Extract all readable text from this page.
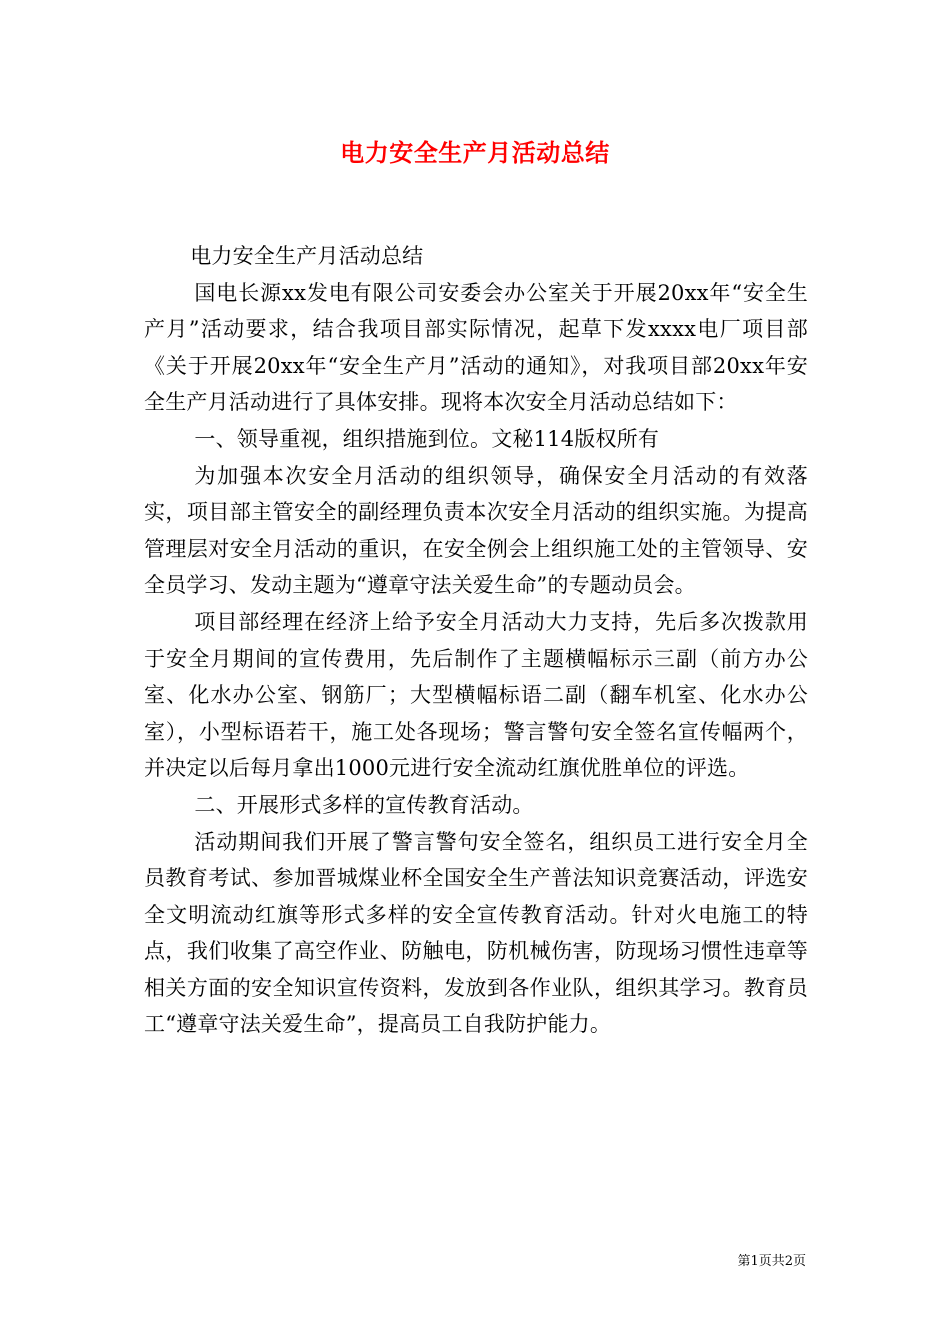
电力安全生产月活动总结

电力安全生产月活动总结

国电长源xx发电有限公司安委会办公室关于开展20xx年“安全生产月”活动要求，结合我项目部实际情况，起草下发xxxx电厂项目部《关于开展20xx年“安全生产月”活动的通知》，对我项目部20xx年安全生产月活动进行了具体安排。现将本次安全月活动总结如下：

一、领导重视，组织措施到位。文秘114版权所有

为加强本次安全月活动的组织领导，确保安全月活动的有效落实，项目部主管安全的副经理负责本次安全月活动的组织实施。为提高管理层对安全月活动的重识，在安全例会上组织施工处的主管领导、安全员学习、发动主题为“遵章守法关爱生命”的专题动员会。

项目部经理在经济上给予安全月活动大力支持，先后多次拨款用于安全月期间的宣传费用，先后制作了主题横幅标示三副（前方办公室、化水办公室、钢筋厂；大型横幅标语二副（翻车机室、化水办公室），小型标语若干，施工处各现场；警言警句安全签名宣传幅两个，并决定以后每月拿出1000元进行安全流动红旗优胜单位的评选。

二、开展形式多样的宣传教育活动。

活动期间我们开展了警言警句安全签名，组织员工进行安全月全员教育考试、参加晋城煤业杯全国安全生产普法知识竞赛活动，评选安全文明流动红旗等形式多样的安全宣传教育活动。针对火电施工的特点，我们收集了高空作业、防触电，防机械伤害，防现场习惯性违章等相关方面的安全知识宣传资料，发放到各作业队，组织其学习。教育员工“遵章守法关爱生命”，提高员工自我防护能力。

第1页共2页
